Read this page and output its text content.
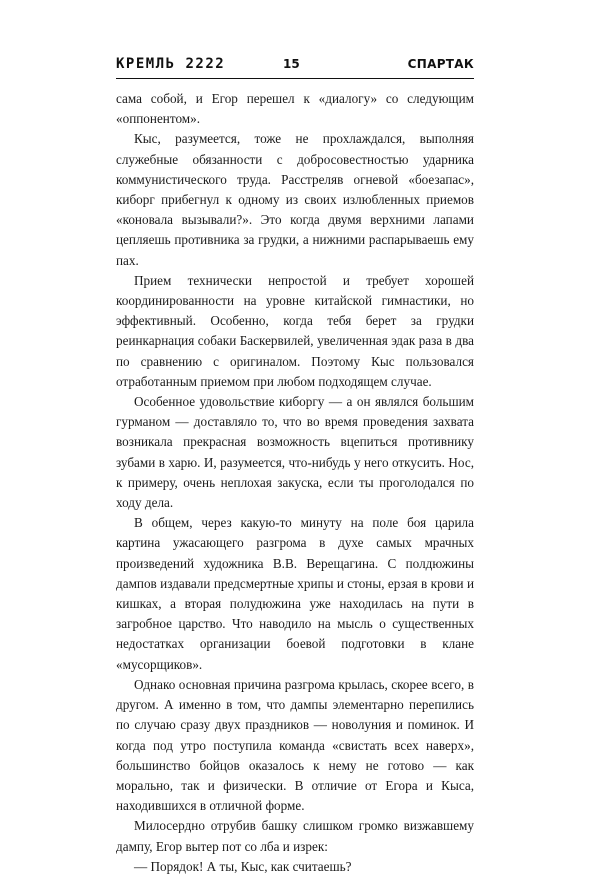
КРЕМЛЬ 2222	15	СПАРТАК

сама собой, и Егор перешел к «диалогу» со следующим «оппонентом».

Кыс, разумеется, тоже не прохлаждался, выполняя служебные обязанности с добросовестностью ударника коммунистического труда. Расстреляв огневой «боезапас», киборг прибегнул к одному из своих излюбленных приемов «коновала вызывали?». Это когда двумя верхними лапами цепляешь противника за грудки, а нижними распарываешь ему пах.

Прием технически непростой и требует хорошей координированности на уровне китайской гимнастики, но эффективный. Особенно, когда тебя берет за грудки реинкарнация собаки Баскервилей, увеличенная эдак раза в два по сравнению с оригиналом. Поэтому Кыс пользовался отработанным приемом при любом подходящем случае.

Особенное удовольствие киборгу — а он являлся большим гурманом — доставляло то, что во время проведения захвата возникала прекрасная возможность вцепиться противнику зубами в харю. И, разумеется, что-нибудь у него откусить. Нос, к примеру, очень неплохая закуска, если ты проголодался по ходу дела.

В общем, через какую-то минуту на поле боя царила картина ужасающего разгрома в духе самых мрачных произведений художника В.В. Верещагина. С полдюжины дампов издавали предсмертные хрипы и стоны, ерзая в крови и кишках, а вторая полудюжина уже находилась на пути в загробное царство. Что наводило на мысль о существенных недостатках организации боевой подготовки в клане «мусорщиков».

Однако основная причина разгрома крылась, скорее всего, в другом. А именно в том, что дампы элементарно перепились по случаю сразу двух праздников — новолуния и поминок. И когда под утро поступила команда «свистать всех наверх», большинство бойцов оказалось к нему не готово — как морально, так и физически. В отличие от Егора и Кыса, находившихся в отличной форме.

Милосердно отрубив башку слишком громко визжавшему дампу, Егор вытер пот со лба и изрек:

— Порядок! А ты, Кыс, как считаешь?
